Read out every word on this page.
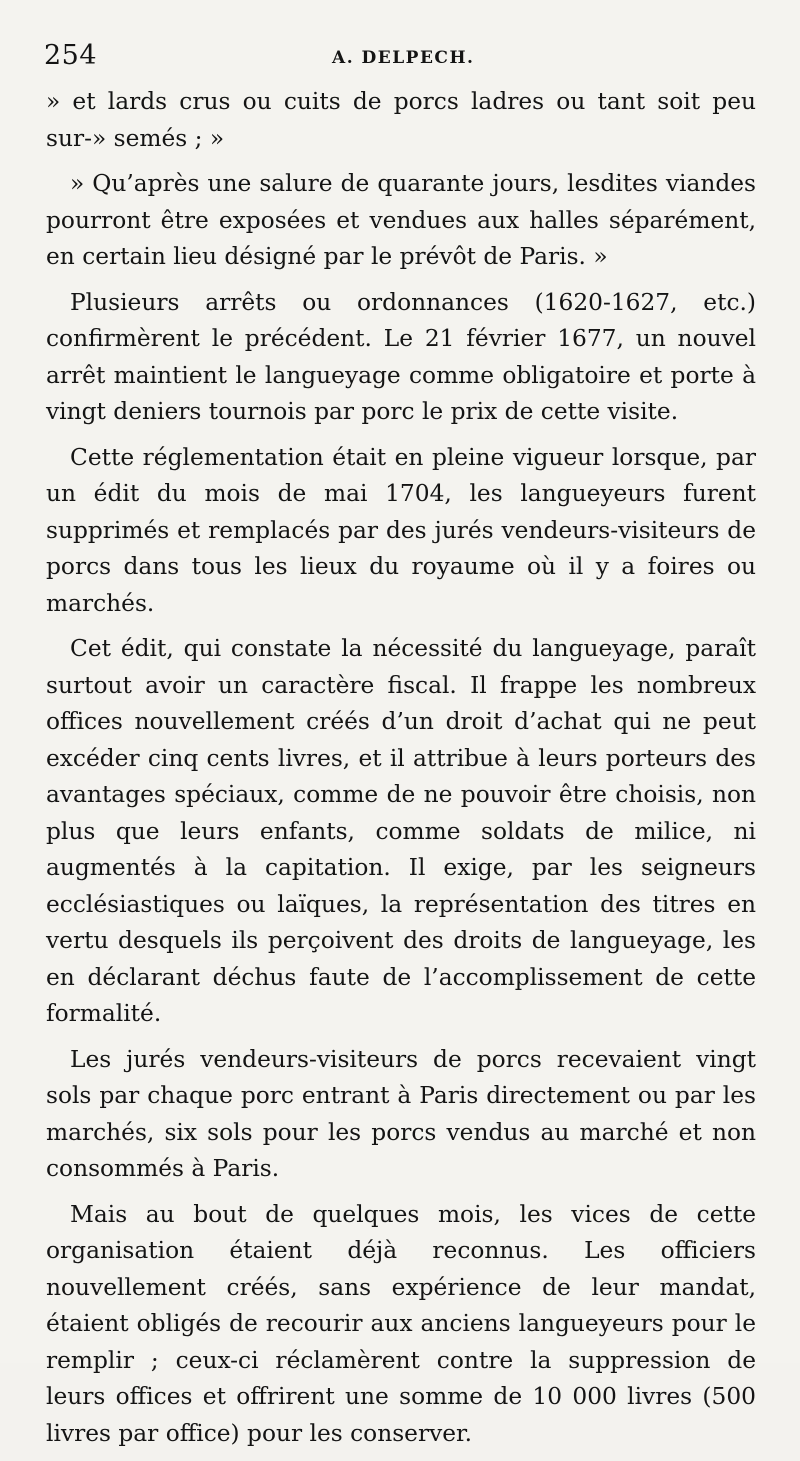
254	A. DELPECH.

» et lards crus ou cuits de porcs ladres ou tant soit peu sur-» semés ; »

» Qu’après une salure de quarante jours, lesdites viandes pourront être exposées et vendues aux halles séparément, en certain lieu désigné par le prévôt de Paris. »

Plusieurs arrêts ou ordonnances (1620-1627, etc.) confirmèrent le précédent. Le 21 février 1677, un nouvel arrêt maintient le langueyage comme obligatoire et porte à vingt deniers tournois par porc le prix de cette visite.

Cette réglementation était en pleine vigueur lorsque, par un édit du mois de mai 1704, les langueyeurs furent supprimés et remplacés par des jurés vendeurs-visiteurs de porcs dans tous les lieux du royaume où il y a foires ou marchés.

Cet édit, qui constate la nécessité du langueyage, paraît surtout avoir un caractère fiscal. Il frappe les nombreux offices nouvellement créés d’un droit d’achat qui ne peut excéder cinq cents livres, et il attribue à leurs porteurs des avantages spéciaux, comme de ne pouvoir être choisis, non plus que leurs enfants, comme soldats de milice, ni augmentés à la capitation. Il exige, par les seigneurs ecclésiastiques ou laïques, la représentation des titres en vertu desquels ils perçoivent des droits de langueyage, les en déclarant déchus faute de l’accomplissement de cette formalité.

Les jurés vendeurs-visiteurs de porcs recevaient vingt sols par chaque porc entrant à Paris directement ou par les marchés, six sols pour les porcs vendus au marché et non consommés à Paris.

Mais au bout de quelques mois, les vices de cette organisation étaient déjà reconnus. Les officiers nouvellement créés, sans expérience de leur mandat, étaient obligés de recourir aux anciens langueyeurs pour le remplir ; ceux-ci réclamèrent contre la suppression de leurs offices et offrirent une somme de 10 000 livres (500 livres par office) pour les conserver.
